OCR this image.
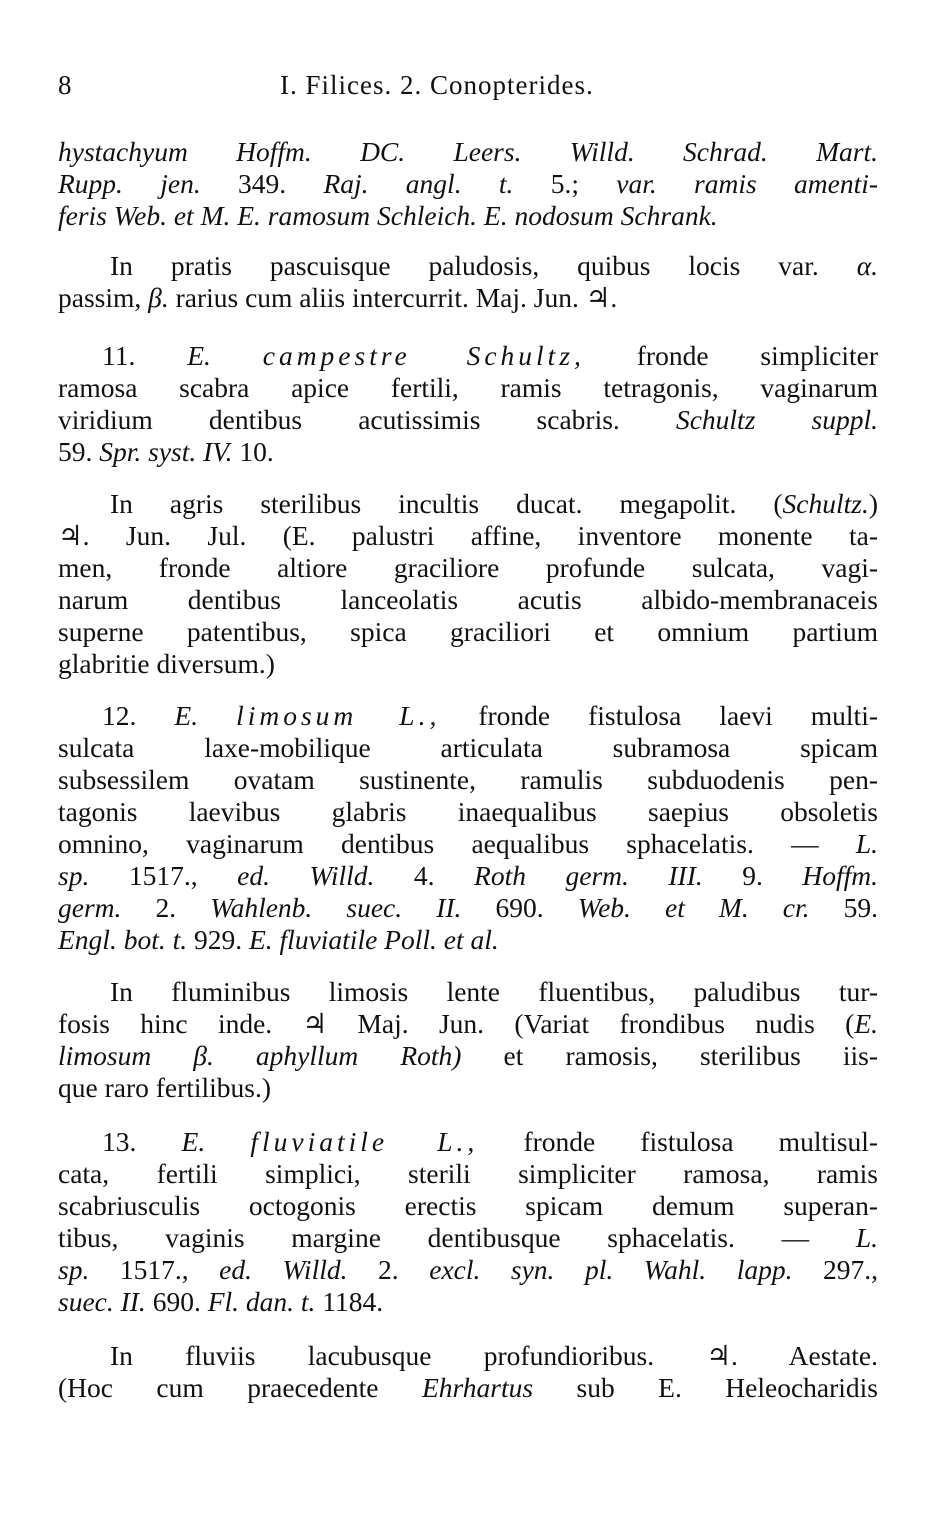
8	I. Filices. 2. Conopterides.
hystachyum Hoffm. DC. Leers. Willd. Schrad. Mart.
Rupp. jen. 349. Raj. angl. t. 5.; var. ramis amenti-
feris Web. et M. E. ramosum Schleich. E. nodosum Schrank.
In pratis pascuisque paludosis, quibus locis var. α.
passim, β. rarius cum aliis intercurrit. Maj. Jun. ♃.
11. E. campestre Schultz, fronde simpliciter
ramosa scabra apice fertili, ramis tetragonis, vaginarum
viridium dentibus acutissimis scabris. Schultz suppl.
59. Spr. syst. IV. 10.
In agris sterilibus incultis ducat. megapolit. (Schultz.)
♃. Jun. Jul. (E. palustri affine, inventore monente ta-
men, fronde altiore graciliore profunde sulcata, vagi-
narum dentibus lanceolatis acutis albido-membranaceis
superne patentibus, spica graciliori et omnium partium
glabritie diversum.)
12. E. limosum L., fronde fistulosa laevi multi-
sulcata laxe-mobilique articulata subramosa spicam
subsessilem ovatam sustinente, ramulis subduodenis pen-
tagonis laevibus glabris inaequalibus saepius obsoletis
omnino, vaginarum dentibus aequalibus sphacelatis. — L.
sp. 1517., ed. Willd. 4. Roth germ. III. 9. Hoffm.
germ. 2. Wahlenb. suec. II. 690. Web. et M. cr. 59.
Engl. bot. t. 929. E. fluviatile Poll. et al.
In fluminibus limosis lente fluentibus, paludibus tur-
fosis hinc inde. ♃ Maj. Jun. (Variat frondibus nudis (E.
limosum β. aphyllum Roth) et ramosis, sterilibus iis-
que raro fertilibus.)
13. E. fluviatile L., fronde fistulosa multisul-
cata, fertili simplici, sterili simpliciter ramosa, ramis
scabriusculis octogonis erectis spicam demum superan-
tibus, vaginis margine dentibusque sphacelatis. — L.
sp. 1517., ed. Willd. 2. excl. syn. pl. Wahl. lapp. 297.,
suec. II. 690. Fl. dan. t. 1184.
In fluviis lacubusque profundioribus. ♃. Aestate.
(Hoc cum praecedente Ehrhartus sub E. Heleocharidis
